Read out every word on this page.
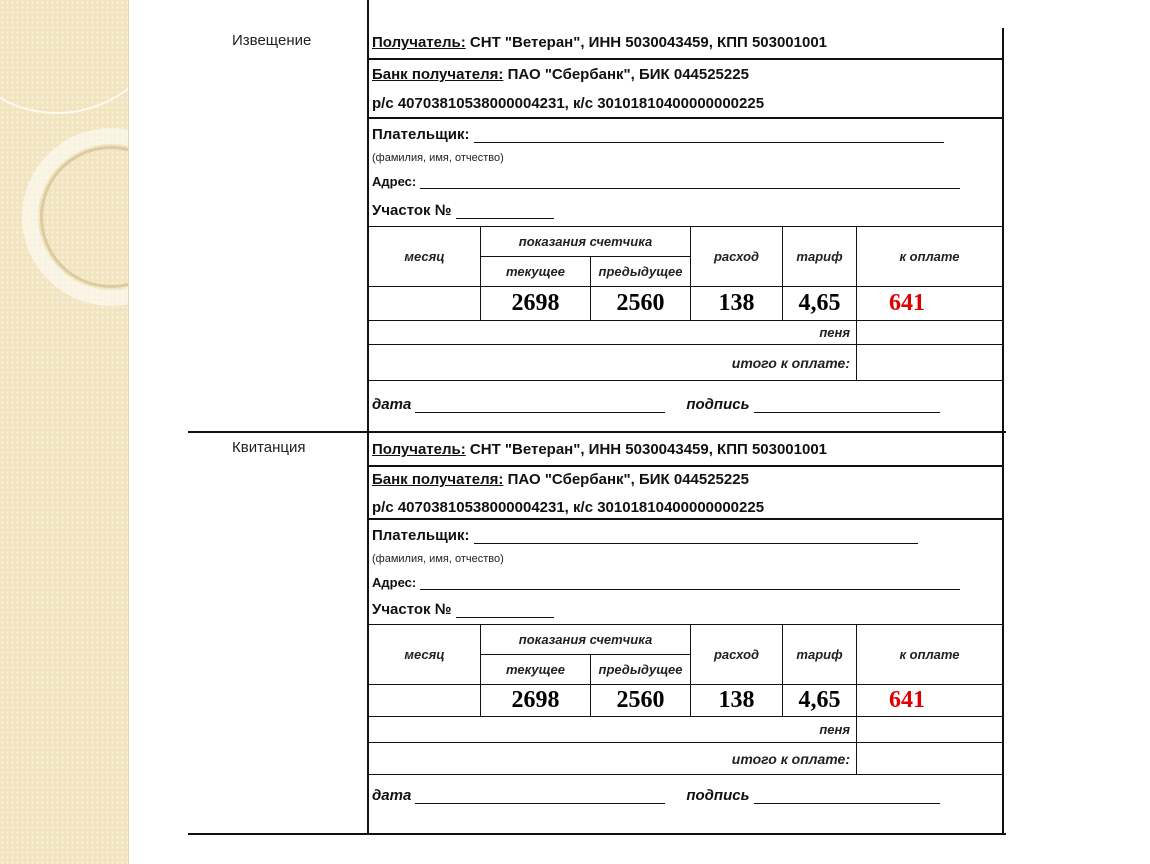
Извещение	Получатель: СНТ "Ветеран", ИНН 5030043459, КПП 503001001
Банк получателя: ПАО "Сбербанк", БИК 044525225
р/с 40703810538000004231, к/с 30101810400000000225
Плательщик:
(фамилия, имя, отчество)
Адрес:
Участок №
месяц	показания счетчика		расход	тариф	к оплате
	текущее	предыдущее			
	2698	2560	138	4,65	641
пеня					
итого к оплате:					
дата	подпись
Квитанция	Получатель: СНТ "Ветеран", ИНН 5030043459, КПП 503001001
Банк получателя: ПАО "Сбербанк", БИК 044525225
р/с 40703810538000004231, к/с 30101810400000000225
Плательщик:
(фамилия, имя, отчество)
Адрес:
Участок №
месяц	показания счетчика		расход	тариф	к оплате
	текущее	предыдущее			
	2698	2560	138	4,65	641
пеня					
итого к оплате:					
дата	подпись
